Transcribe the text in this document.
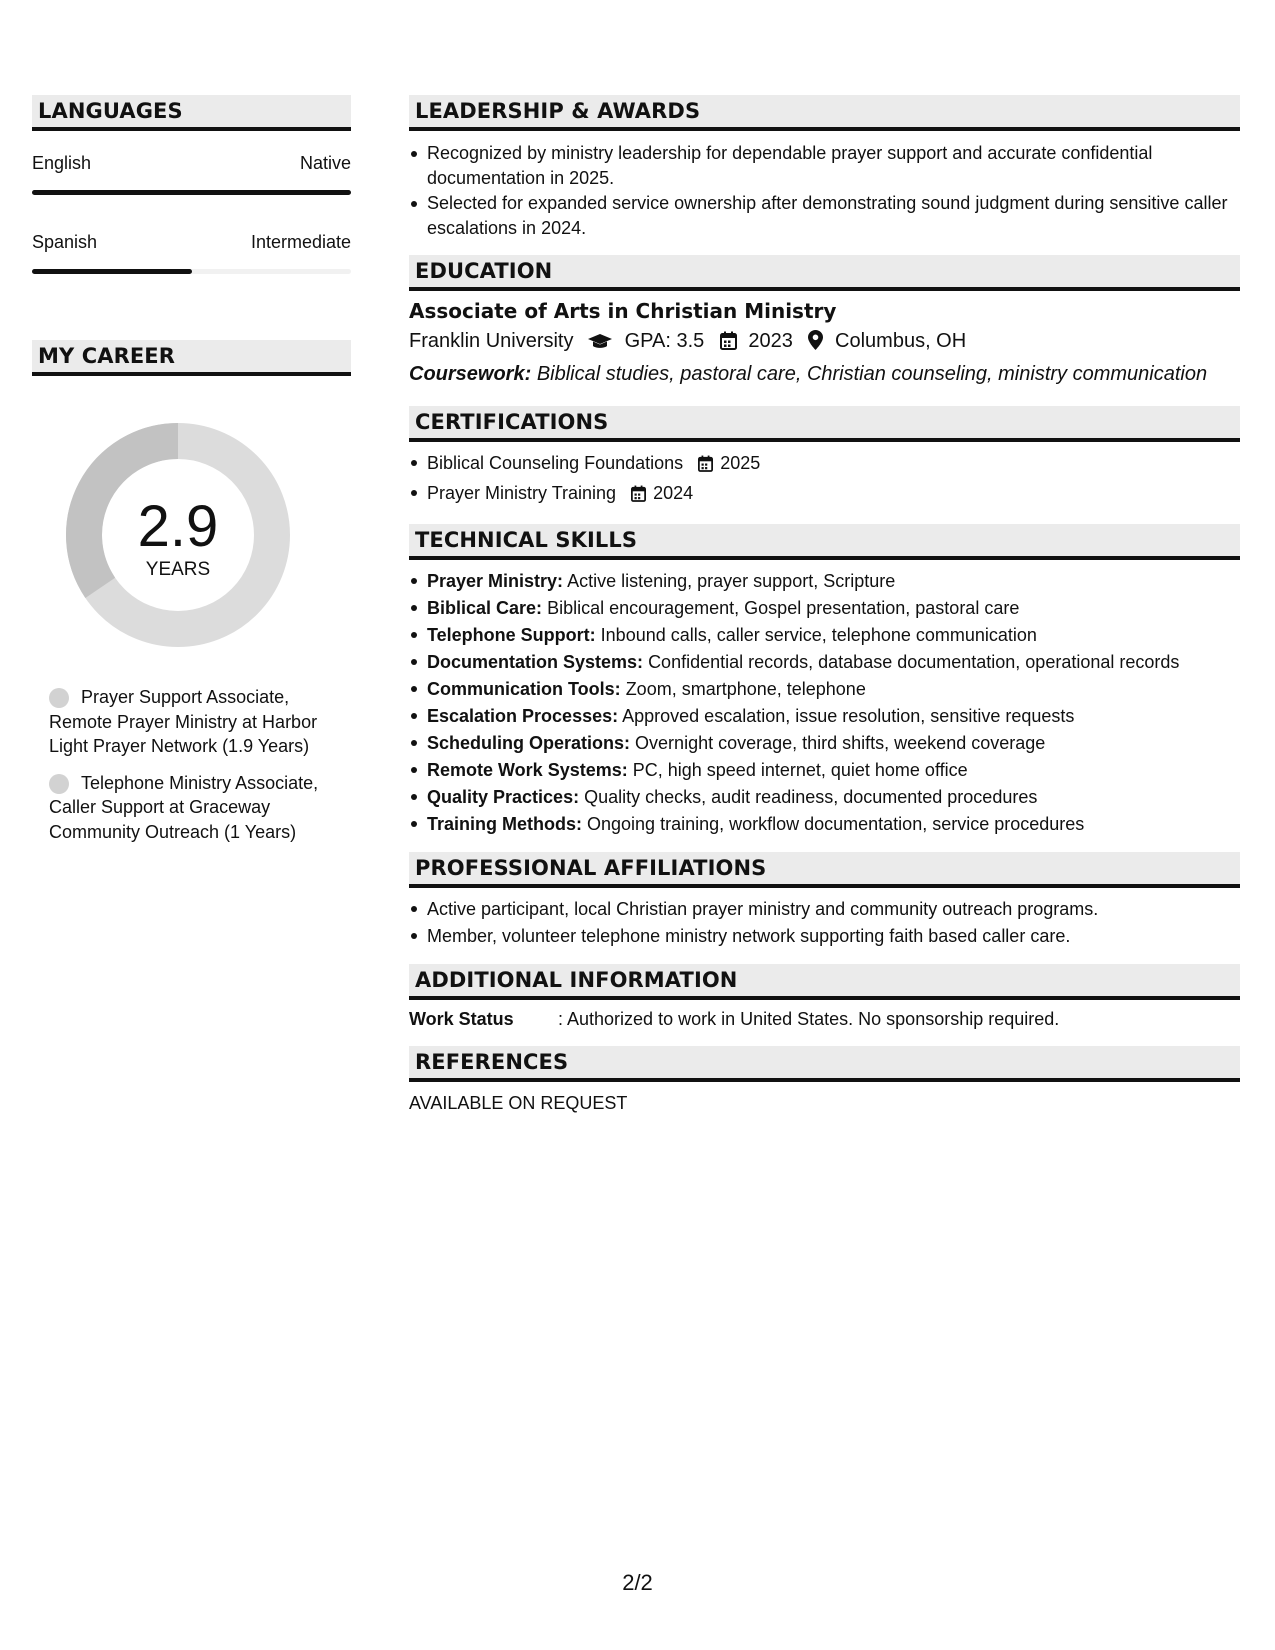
LANGUAGES
English	Native
Spanish	Intermediate
MY CAREER
2.9
YEARS
Prayer Support Associate, Remote Prayer Ministry at Harbor Light Prayer Network (1.9 Years)
Telephone Ministry Associate, Caller Support at Graceway Community Outreach (1 Years)
LEADERSHIP & AWARDS
Recognized by ministry leadership for dependable prayer support and accurate confidential documentation in 2025.
Selected for expanded service ownership after demonstrating sound judgment during sensitive caller escalations in 2024.
EDUCATION
Associate of Arts in Christian Ministry
Franklin University	GPA: 3.5 2023 Columbus, OH
Coursework: Biblical studies, pastoral care, Christian counseling, ministry communication
CERTIFICATIONS
Biblical Counseling Foundations 2025
Prayer Ministry Training 2024
TECHNICAL SKILLS
Prayer Ministry: Active listening, prayer support, Scripture
Biblical Care: Biblical encouragement, Gospel presentation, pastoral care
Telephone Support: Inbound calls, caller service, telephone communication
Documentation Systems: Confidential records, database documentation, operational records
Communication Tools: Zoom, smartphone, telephone
Escalation Processes: Approved escalation, issue resolution, sensitive requests
Scheduling Operations: Overnight coverage, third shifts, weekend coverage
Remote Work Systems: PC, high speed internet, quiet home office
Quality Practices: Quality checks, audit readiness, documented procedures
Training Methods: Ongoing training, workflow documentation, service procedures
PROFESSIONAL AFFILIATIONS
Active participant, local Christian prayer ministry and community outreach programs.
Member, volunteer telephone ministry network supporting faith based caller care.
ADDITIONAL INFORMATION
Work Status	: Authorized to work in United States. No sponsorship required.
REFERENCES
AVAILABLE ON REQUEST
2/2
